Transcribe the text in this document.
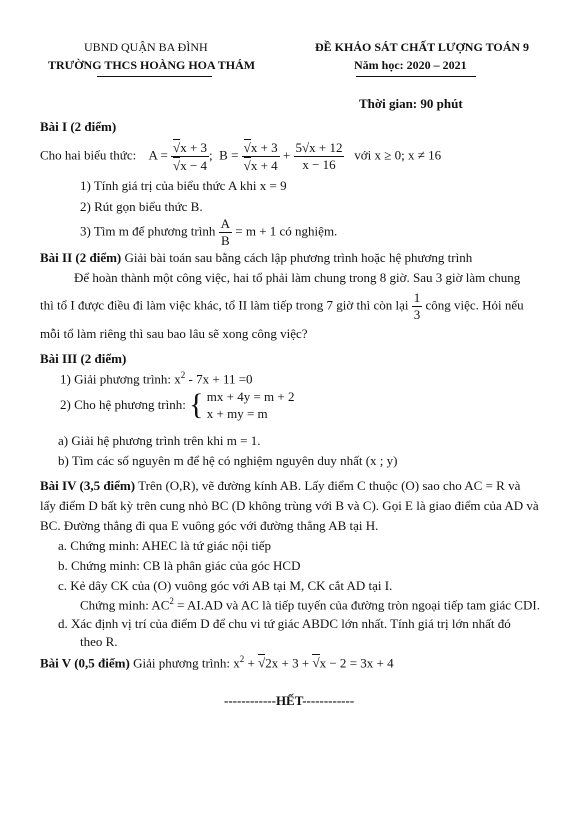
UBND QUẬN BA ĐÌNH
TRƯỜNG THCS HOÀNG HOA THÁM
ĐỀ KHẢO SÁT CHẤT LƯỢNG TOÁN 9
Năm học: 2020 – 2021
Thời gian: 90 phút
Bài I (2 điểm)
Cho hai biểu thức: A = √ x + 3
√x − 4 ; B = √ x + 3
$√x + 4 + \frac{5√x + 12}{x - 16}$ với x ≥ 0; x ≠ 16
1) Tính giá trị của biểu thức A khi x = 9
2) Rút gọn biểu thức B.
3) Tìm m để phương trình $\frac{A}{B} = m + 1$ có nghiệm.
Bài II (2 điểm) Giải bài toán sau bằng cách lập phương trình hoặc hệ phương trình
Để hoàn thành một công việc, hai tổ phải làm chung trong 8 giờ. Sau 3 giờ làm chung
thì tổ I được điều đi làm việc khác, tổ II làm tiếp trong 7 giờ thì còn lại $\frac{1}{3}$ công việc. Hỏi nếu
mỗi tổ làm riêng thì sau bao lâu sẽ xong công việc?
Bài III (2 điểm)
1) Giải phương trình: $x^2 - 7x + 11 =0$
2) Cho hệ phương trình: { mx + 4y = m + 2
x + my = m
a) Giải hệ phương trình trên khi m = 1.
b) Tìm các số nguyên m để hệ có nghiệm nguyên duy nhất (x ; y)
Bài IV (3,5 điểm) Trên (O,R), vẽ đường kính AB. Lấy điểm C thuộc (O) sao cho AC = R và
lấy điểm D bất kỳ trên cung nhỏ BC (D không trùng với B và C). Gọi E là giao điểm của AD và
BC. Đường thẳng đi qua E vuông góc với đường thẳng AB tại H.
a. Chứng minh: AHEC là tứ giác nội tiếp
b. Chứng minh: CB là phân giác của góc HCD
c. Kẻ dây CK của (O) vuông góc với AB tại M, CK cắt AD tại I.
Chứng minh: $AC^2 = AI.AD$ và AC là tiếp tuyến của đường tròn ngoại tiếp tam giác CDI.
d. Xác định vị trí của điểm D để chu vi tứ giác ABDC lớn nhất. Tính giá trị lớn nhất đó
theo R.
Bài V (0,5 điểm) Giải phương trình: $x^2 + √2x + 3 + √x - 2 = 3x + 4$
------------HẾT------------
